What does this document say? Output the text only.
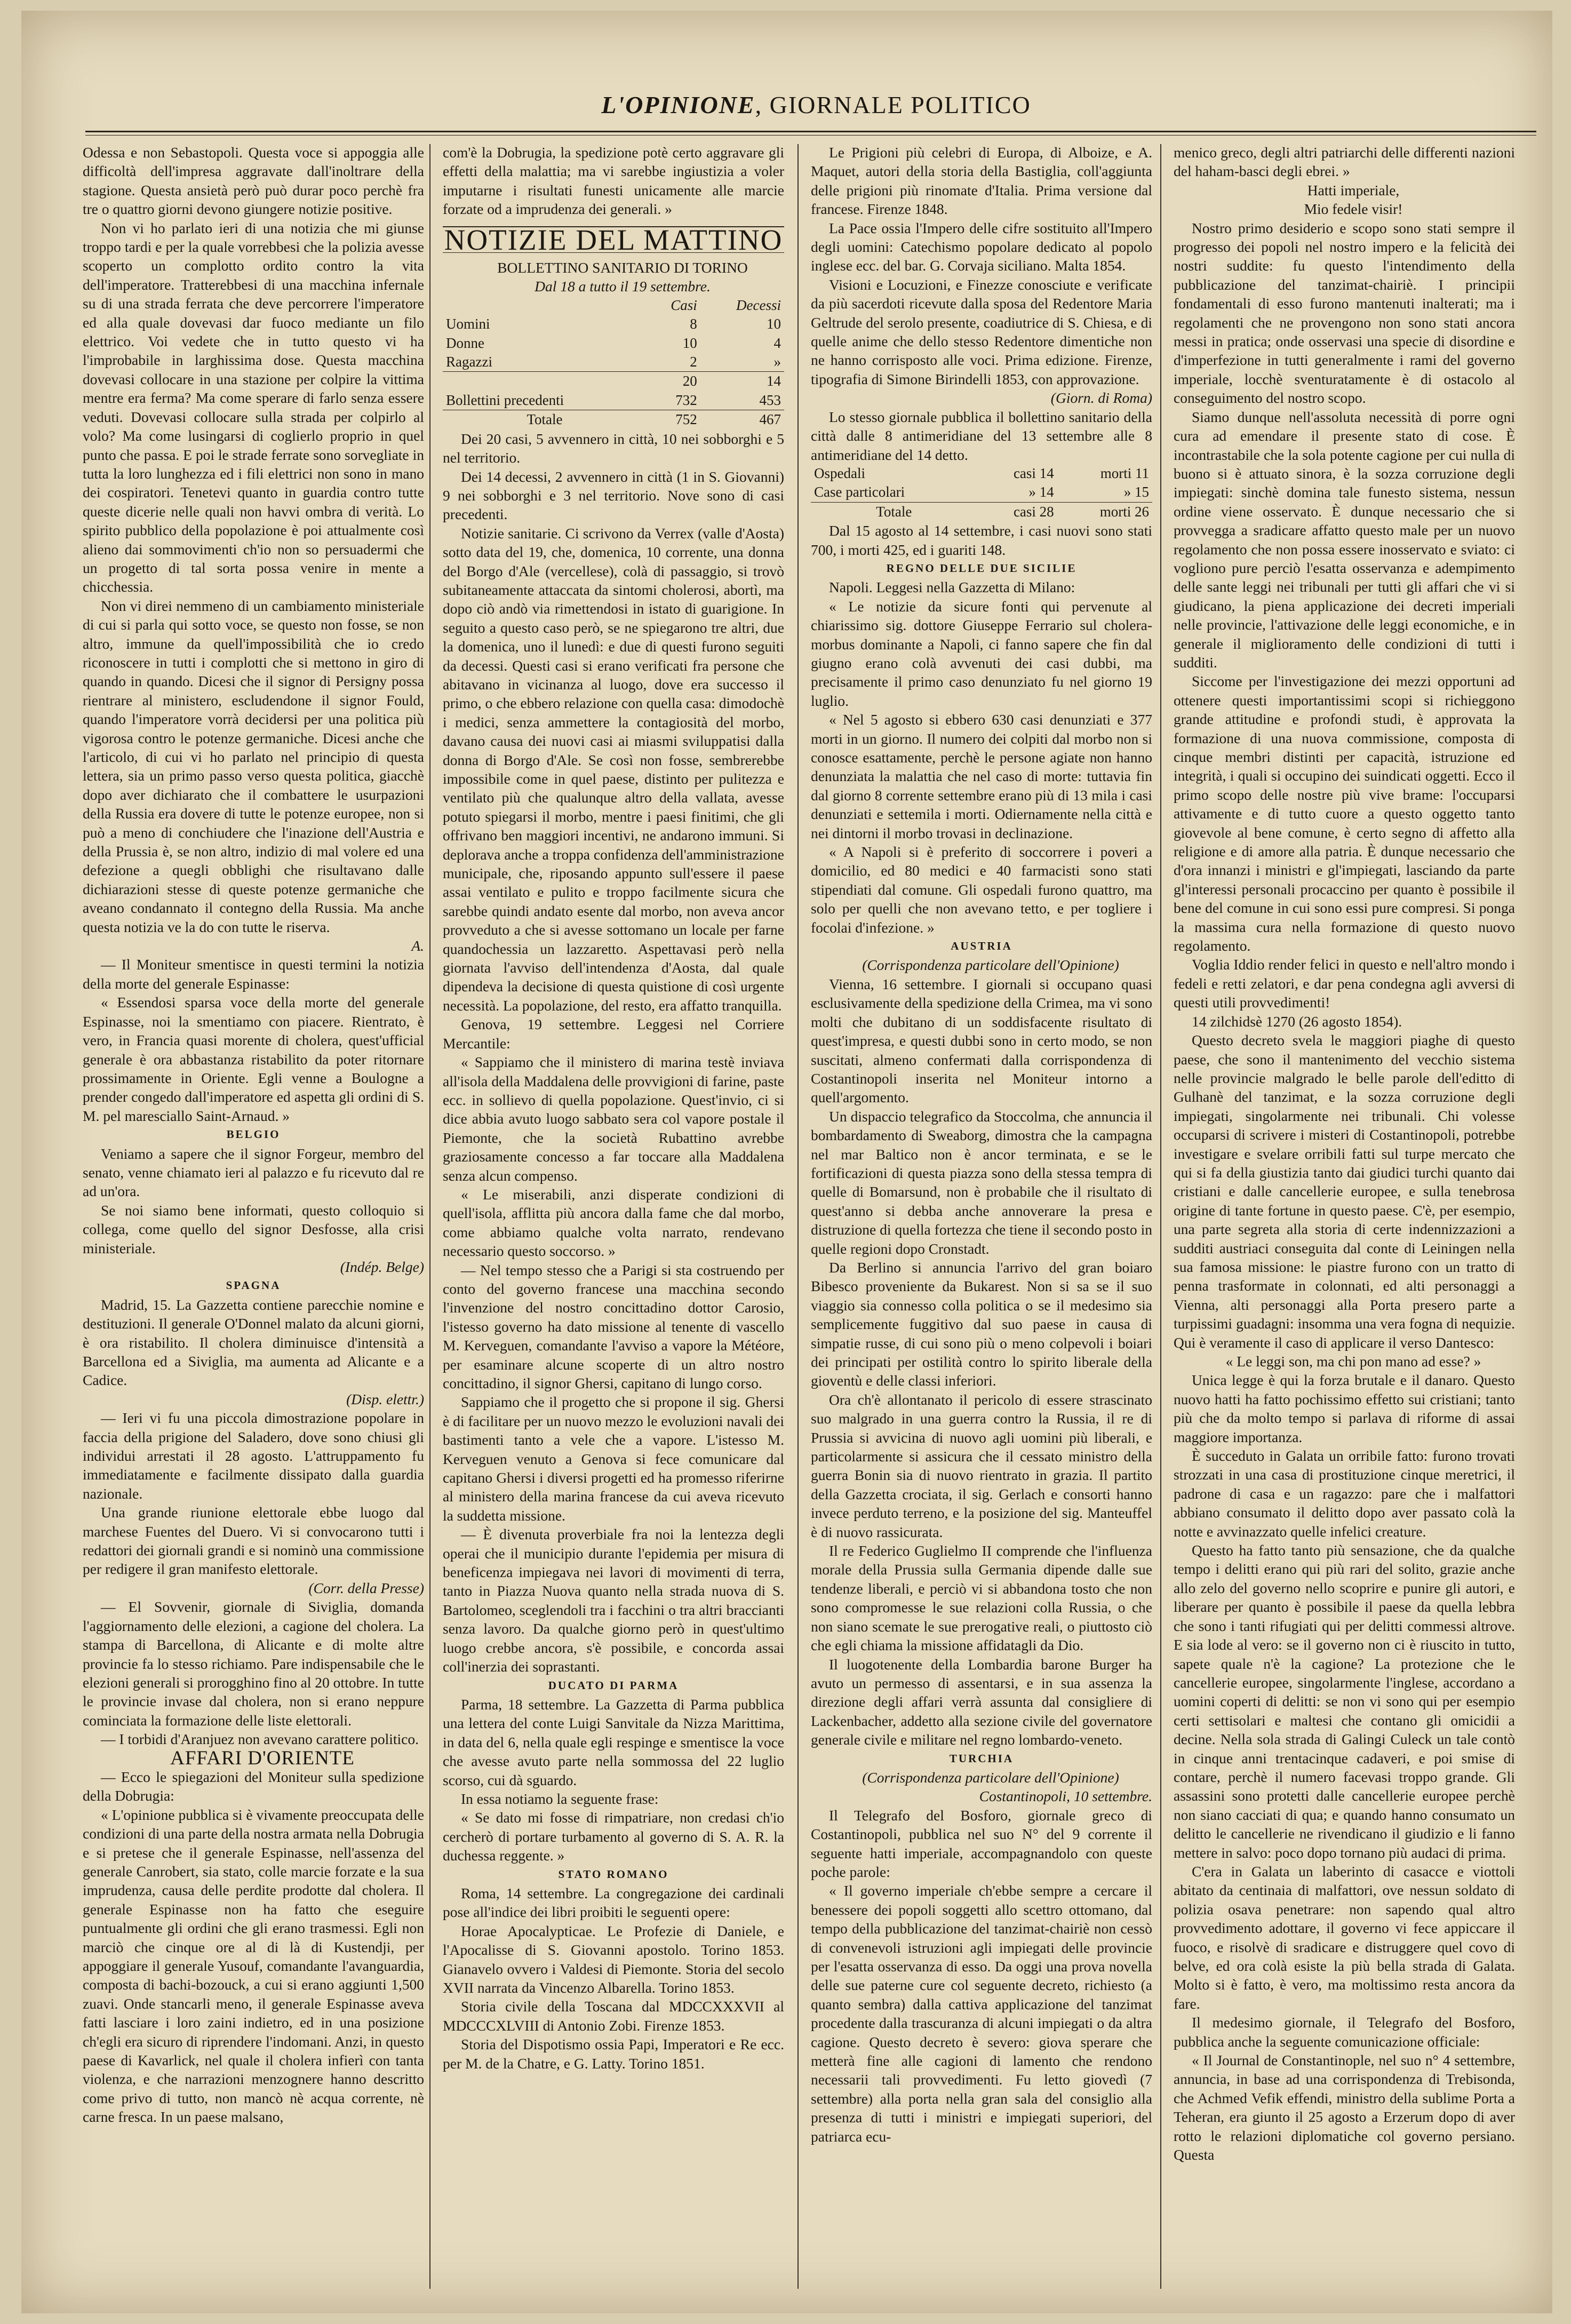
L'OPINIONE, GIORNALE POLITICO

Odessa e non Sebastopoli. Questa voce si appoggia alle difficoltà dell'impresa aggravate dall'inoltrare della stagione. Questa ansietà però può durar poco perchè fra tre o quattro giorni devono giungere notizie positive.

Non vi ho parlato ieri di una notizia che mi giunse troppo tardi e per la quale vorrebbesi che la polizia avesse scoperto un complotto ordito contro la vita dell'imperatore. Tratterebbesi di una macchina infernale su di una strada ferrata che deve percorrere l'imperatore ed alla quale dovevasi dar fuoco mediante un filo elettrico. Voi vedete che in tutto questo vi ha l'improbabile in larghissima dose. Questa macchina dovevasi collocare in una stazione per colpire la vittima mentre era ferma? Ma come sperare di farlo senza essere veduti. Dovevasi collocare sulla strada per colpirlo al volo? Ma come lusingarsi di coglierlo proprio in quel punto che passa. E poi le strade ferrate sono sorvegliate in tutta la loro lunghezza ed i fili elettrici non sono in mano dei cospiratori. Tenetevi quanto in guardia contro tutte queste dicerie nelle quali non havvi ombra di verità. Lo spirito pubblico della popolazione è poi attualmente così alieno dai sommovimenti ch'io non so persuadermi che un progetto di tal sorta possa venire in mente a chicchessia.

Non vi direi nemmeno di un cambiamento ministeriale di cui si parla qui sotto voce, se questo non fosse, se non altro, immune da quell'impossibilità che io credo riconoscere in tutti i complotti che si mettono in giro di quando in quando. Dicesi che il signor di Persigny possa rientrare al ministero, escludendone il signor Fould, quando l'imperatore vorrà decidersi per una politica più vigorosa contro le potenze germaniche. Dicesi anche che l'articolo, di cui vi ho parlato nel principio di questa lettera, sia un primo passo verso questa politica, giacchè dopo aver dichiarato che il combattere le usurpazioni della Russia era dovere di tutte le potenze europee, non si può a meno di conchiudere che l'inazione dell'Austria e della Prussia è, se non altro, indizio di mal volere ed una defezione a quegli obblighi che risultavano dalle dichiarazioni stesse di queste potenze germaniche che aveano condannato il contegno della Russia. Ma anche questa notizia ve la do con tutte le riserva.

A.

— Il Moniteur smentisce in questi termini la notizia della morte del generale Espinasse:

« Essendosi sparsa voce della morte del generale Espinasse, noi la smentiamo con piacere. Rientrato, è vero, in Francia quasi morente di cholera, quest'ufficial generale è ora abbastanza ristabilito da poter ritornare prossimamente in Oriente. Egli venne a Boulogne a prender congedo dall'imperatore ed aspetta gli ordini di S. M. pel maresciallo Saint-Arnaud. »

BELGIO

Veniamo a sapere che il signor Forgeur, membro del senato, venne chiamato ieri al palazzo e fu ricevuto dal re ad un'ora.

Se noi siamo bene informati, questo colloquio si collega, come quello del signor Desfosse, alla crisi ministeriale.

(Indép. Belge)

SPAGNA

Madrid, 15. La Gazzetta contiene parecchie nomine e destituzioni. Il generale O'Donnel malato da alcuni giorni, è ora ristabilito. Il cholera diminuisce d'intensità a Barcellona ed a Siviglia, ma aumenta ad Alicante e a Cadice.

(Disp. elettr.)

— Ieri vi fu una piccola dimostrazione popolare in faccia della prigione del Saladero, dove sono chiusi gli individui arrestati il 28 agosto. L'attruppamento fu immediatamente e facilmente dissipato dalla guardia nazionale.

Una grande riunione elettorale ebbe luogo dal marchese Fuentes del Duero. Vi si convocarono tutti i redattori dei giornali grandi e si nominò una commissione per redigere il gran manifesto elettorale.

(Corr. della Presse)

— El Sovvenir, giornale di Siviglia, domanda l'aggiornamento delle elezioni, a cagione del cholera. La stampa di Barcellona, di Alicante e di molte altre provincie fa lo stesso richiamo. Pare indispensabile che le elezioni generali si prorogghino fino al 20 ottobre. In tutte le provincie invase dal cholera, non si erano neppure cominciata la formazione delle liste elettorali.

— I torbidi d'Aranjuez non avevano carattere politico.

AFFARI D'ORIENTE

— Ecco le spiegazioni del Moniteur sulla spedizione della Dobrugia:

« L'opinione pubblica si è vivamente preoccupata delle condizioni di una parte della nostra armata nella Dobrugia e si pretese che il generale Espinasse, nell'assenza del generale Canrobert, sia stato, colle marcie forzate e la sua imprudenza, causa delle perdite prodotte dal cholera. Il generale Espinasse non ha fatto che eseguire puntualmente gli ordini che gli erano trasmessi. Egli non marciò che cinque ore al di là di Kustendji, per appoggiare il generale Yusouf, comandante l'avanguardia, composta di bachi-bozouck, a cui si erano aggiunti 1,500 zuavi. Onde stancarli meno, il generale Espinasse aveva fatti lasciare i loro zaini indietro, ed in una posizione ch'egli era sicuro di riprendere l'indomani. Anzi, in questo paese di Kavarlick, nel quale il cholera infierì con tanta violenza, e che narrazioni menzognere hanno descritto come privo di tutto, non mancò nè acqua corrente, nè carne fresca. In un paese malsano,

com'è la Dobrugia, la spedizione potè certo aggravare gli effetti della malattia; ma vi sarebbe ingiustizia a voler imputarne i risultati funesti unicamente alle marcie forzate od a imprudenza dei generali. »

NOTIZIE DEL MATTINO

BOLLETTINO SANITARIO DI TORINO

Dal 18 a tutto il 19 settembre.

	Casi	Decessi
Uomini	8	10
Donne	10	4
Ragazzi	2	»
	20	14
Bollettini precedenti	732	453
Totale	752	467

Dei 20 casi, 5 avvennero in città, 10 nei sobborghi e 5 nel territorio.

Dei 14 decessi, 2 avvennero in città (1 in S. Giovanni) 9 nei sobborghi e 3 nel territorio. Nove sono di casi precedenti.

Notizie sanitarie. Ci scrivono da Verrex (valle d'Aosta) sotto data del 19, che, domenica, 10 corrente, una donna del Borgo d'Ale (vercellese), colà di passaggio, si trovò subitaneamente attaccata da sintomi cholerosi, abortì, ma dopo ciò andò via rimettendosi in istato di guarigione. In seguito a questo caso però, se ne spiegarono tre altri, due la domenica, uno il lunedì: e due di questi furono seguiti da decessi. Questi casi si erano verificati fra persone che abitavano in vicinanza al luogo, dove era successo il primo, o che ebbero relazione con quella casa: dimodochè i medici, senza ammettere la contagiosità del morbo, davano causa dei nuovi casi ai miasmi sviluppatisi dalla donna di Borgo d'Ale. Se così non fosse, sembrerebbe impossibile come in quel paese, distinto per pulitezza e ventilato più che qualunque altro della vallata, avesse potuto spiegarsi il morbo, mentre i paesi finitimi, che gli offrivano ben maggiori incentivi, ne andarono immuni. Si deplorava anche a troppa confidenza dell'amministrazione municipale, che, riposando appunto sull'essere il paese assai ventilato e pulito e troppo facilmente sicura che sarebbe quindi andato esente dal morbo, non aveva ancor provveduto a che si avesse sottomano un locale per farne quandochessia un lazzaretto. Aspettavasi però nella giornata l'avviso dell'intendenza d'Aosta, dal quale dipendeva la decisione di questa quistione di così urgente necessità. La popolazione, del resto, era affatto tranquilla.

Genova, 19 settembre. Leggesi nel Corriere Mercantile:

« Sappiamo che il ministero di marina testè inviava all'isola della Maddalena delle provvigioni di farine, paste ecc. in sollievo di quella popolazione. Quest'invio, ci si dice abbia avuto luogo sabbato sera col vapore postale il Piemonte, che la società Rubattino avrebbe graziosamente concesso a far toccare alla Maddalena senza alcun compenso.

« Le miserabili, anzi disperate condizioni di quell'isola, afflitta più ancora dalla fame che dal morbo, come abbiamo qualche volta narrato, rendevano necessario questo soccorso. »

— Nel tempo stesso che a Parigi si sta costruendo per conto del governo francese una macchina secondo l'invenzione del nostro concittadino dottor Carosio, l'istesso governo ha dato missione al tenente di vascello M. Kerveguen, comandante l'avviso a vapore la Météore, per esaminare alcune scoperte di un altro nostro concittadino, il signor Ghersi, capitano di lungo corso.

Sappiamo che il progetto che si propone il sig. Ghersi è di facilitare per un nuovo mezzo le evoluzioni navali dei bastimenti tanto a vele che a vapore. L'istesso M. Kerveguen venuto a Genova si fece comunicare dal capitano Ghersi i diversi progetti ed ha promesso riferirne al ministero della marina francese da cui aveva ricevuto la suddetta missione.

— È divenuta proverbiale fra noi la lentezza degli operai che il municipio durante l'epidemia per misura di beneficenza impiegava nei lavori di movimenti di terra, tanto in Piazza Nuova quanto nella strada nuova di S. Bartolomeo, sceglendoli tra i facchini o tra altri braccianti senza lavoro. Da qualche giorno però in quest'ultimo luogo crebbe ancora, s'è possibile, e concorda assai coll'inerzia dei soprastanti.

DUCATO DI PARMA

Parma, 18 settembre. La Gazzetta di Parma pubblica una lettera del conte Luigi Sanvitale da Nizza Marittima, in data del 6, nella quale egli respinge e smentisce la voce che avesse avuto parte nella sommossa del 22 luglio scorso, cui dà sguardo.

In essa notiamo la seguente frase:

« Se dato mi fosse di rimpatriare, non credasi ch'io cercherò di portare turbamento al governo di S. A. R. la duchessa reggente. »

STATO ROMANO

Roma, 14 settembre. La congregazione dei cardinali pose all'indice dei libri proibiti le seguenti opere:

Horae Apocalypticae. Le Profezie di Daniele, e l'Apocalisse di S. Giovanni apostolo. Torino 1853. Gianavelo ovvero i Valdesi di Piemonte. Storia del secolo XVII narrata da Vincenzo Albarella. Torino 1853.

Storia civile della Toscana dal MDCCXXXVII al MDCCCXLVIII di Antonio Zobi. Firenze 1853.

Storia del Dispotismo ossia Papi, Imperatori e Re ecc. per M. de la Chatre, e G. Latty. Torino 1851.

Le Prigioni più celebri di Europa, di Alboize, e A. Maquet, autori della storia della Bastiglia, coll'aggiunta delle prigioni più rinomate d'Italia. Prima versione dal francese. Firenze 1848.

La Pace ossia l'Impero delle cifre sostituito all'Impero degli uomini: Catechismo popolare dedicato al popolo inglese ecc. del bar. G. Corvaja siciliano. Malta 1854.

Visioni e Locuzioni, e Finezze conosciute e verificate da più sacerdoti ricevute dalla sposa del Redentore Maria Geltrude del serolo presente, coadiutrice di S. Chiesa, e di quelle anime che dello stesso Redentore dimentiche non ne hanno corrisposto alle voci. Prima edizione. Firenze, tipografia di Simone Birindelli 1853, con approvazione.

(Giorn. di Roma)

Lo stesso giornale pubblica il bollettino sanitario della città dalle 8 antimeridiane del 13 settembre alle 8 antimeridiane del 14 detto.

Ospedali	casi 14	morti 11
Case particolari	» 14	» 15
Totale	casi 28	morti 26

Dal 15 agosto al 14 settembre, i casi nuovi sono stati 700, i morti 425, ed i guariti 148.

REGNO DELLE DUE SICILIE

Napoli. Leggesi nella Gazzetta di Milano:

« Le notizie da sicure fonti qui pervenute al chiarissimo sig. dottore Giuseppe Ferrario sul cholera-morbus dominante a Napoli, ci fanno sapere che fin dal giugno erano colà avvenuti dei casi dubbi, ma precisamente il primo caso denunziato fu nel giorno 19 luglio.

« Nel 5 agosto si ebbero 630 casi denunziati e 377 morti in un giorno. Il numero dei colpiti dal morbo non si conosce esattamente, perchè le persone agiate non hanno denunziata la malattia che nel caso di morte: tuttavia fin dal giorno 8 corrente settembre erano più di 13 mila i casi denunziati e settemila i morti. Odiernamente nella città e nei dintorni il morbo trovasi in declinazione.

« A Napoli si è preferito di soccorrere i poveri a domicilio, ed 80 medici e 40 farmacisti sono stati stipendiati dal comune. Gli ospedali furono quattro, ma solo per quelli che non avevano tetto, e per togliere i focolai d'infezione. »

AUSTRIA

(Corrispondenza particolare dell'Opinione)

Vienna, 16 settembre. I giornali si occupano quasi esclusivamente della spedizione della Crimea, ma vi sono molti che dubitano di un soddisfacente risultato di quest'impresa, e questi dubbi sono in certo modo, se non suscitati, almeno confermati dalla corrispondenza di Costantinopoli inserita nel Moniteur intorno a quell'argomento.

Un dispaccio telegrafico da Stoccolma, che annuncia il bombardamento di Sweaborg, dimostra che la campagna nel mar Baltico non è ancor terminata, e se le fortificazioni di questa piazza sono della stessa tempra di quelle di Bomarsund, non è probabile che il risultato di quest'anno si debba anche annoverare la presa e distruzione di quella fortezza che tiene il secondo posto in quelle regioni dopo Cronstadt.

Da Berlino si annuncia l'arrivo del gran boiaro Bibesco proveniente da Bukarest. Non si sa se il suo viaggio sia connesso colla politica o se il medesimo sia semplicemente fuggitivo dal suo paese in causa di simpatie russe, di cui sono più o meno colpevoli i boiari dei principati per ostilità contro lo spirito liberale della gioventù e delle classi inferiori.

Ora ch'è allontanato il pericolo di essere strascinato suo malgrado in una guerra contro la Russia, il re di Prussia si avvicina di nuovo agli uomini più liberali, e particolarmente si assicura che il cessato ministro della guerra Bonin sia di nuovo rientrato in grazia. Il partito della Gazzetta crociata, il sig. Gerlach e consorti hanno invece perduto terreno, e la posizione del sig. Manteuffel è di nuovo rassicurata.

Il re Federico Guglielmo II comprende che l'influenza morale della Prussia sulla Germania dipende dalle sue tendenze liberali, e perciò vi si abbandona tosto che non sono compromesse le sue relazioni colla Russia, o che non siano scemate le sue prerogative reali, o piuttosto ciò che egli chiama la missione affidatagli da Dio.

Il luogotenente della Lombardia barone Burger ha avuto un permesso di assentarsi, e in sua assenza la direzione degli affari verrà assunta dal consigliere di Lackenbacher, addetto alla sezione civile del governatore generale civile e militare nel regno lombardo-veneto.

TURCHIA

(Corrispondenza particolare dell'Opinione)

Costantinopoli, 10 settembre.

Il Telegrafo del Bosforo, giornale greco di Costantinopoli, pubblica nel suo N° del 9 corrente il seguente hatti imperiale, accompagnandolo con queste poche parole:

« Il governo imperiale ch'ebbe sempre a cercare il benessere dei popoli soggetti allo scettro ottomano, dal tempo della pubblicazione del tanzimat-chairiè non cessò di convenevoli istruzioni agli impiegati delle provincie per l'esatta osservanza di esso. Da oggi una prova novella delle sue paterne cure col seguente decreto, richiesto (a quanto sembra) dalla cattiva applicazione del tanzimat procedente dalla trascuranza di alcuni impiegati o da altra cagione. Questo decreto è severo: giova sperare che metterà fine alle cagioni di lamento che rendono necessarii tali provvedimenti. Fu letto giovedì (7 settembre) alla porta nella gran sala del consiglio alla presenza di tutti i ministri e impiegati superiori, del patriarca ecu-

menico greco, degli altri patriarchi delle differenti nazioni del haham-basci degli ebrei. »

Hatti imperiale,

Mio fedele visir!

Nostro primo desiderio e scopo sono stati sempre il progresso dei popoli nel nostro impero e la felicità dei nostri suddite: fu questo l'intendimento della pubblicazione del tanzimat-chairiè. I principii fondamentali di esso furono mantenuti inalterati; ma i regolamenti che ne provengono non sono stati ancora messi in pratica; onde osservasi una specie di disordine e d'imperfezione in tutti generalmente i rami del governo imperiale, locchè sventuratamente è di ostacolo al conseguimento del nostro scopo.

Siamo dunque nell'assoluta necessità di porre ogni cura ad emendare il presente stato di cose. È incontrastabile che la sola potente cagione per cui nulla di buono si è attuato sinora, è la sozza corruzione degli impiegati: sinchè domina tale funesto sistema, nessun ordine viene osservato. È dunque necessario che si provvegga a sradicare affatto questo male per un nuovo regolamento che non possa essere inosservato e sviato: ci vogliono pure perciò l'esatta osservanza e adempimento delle sante leggi nei tribunali per tutti gli affari che vi si giudicano, la piena applicazione dei decreti imperiali nelle provincie, l'attivazione delle leggi economiche, e in generale il miglioramento delle condizioni di tutti i sudditi.

Siccome per l'investigazione dei mezzi opportuni ad ottenere questi importantissimi scopi si richieggono grande attitudine e profondi studi, è approvata la formazione di una nuova commissione, composta di cinque membri distinti per capacità, istruzione ed integrità, i quali si occupino dei suindicati oggetti. Ecco il primo scopo delle nostre più vive brame: l'occuparsi attivamente e di tutto cuore a questo oggetto tanto giovevole al bene comune, è certo segno di affetto alla religione e di amore alla patria. È dunque necessario che d'ora innanzi i ministri e gl'impiegati, lasciando da parte gl'interessi personali procaccino per quanto è possibile il bene del comune in cui sono essi pure compresi. Si ponga la massima cura nella formazione di questo nuovo regolamento.

Voglia Iddio render felici in questo e nell'altro mondo i fedeli e retti zelatori, e dar pena condegna agli avversi di questi utili provvedimenti!

14 zilchidsè 1270 (26 agosto 1854).

Questo decreto svela le maggiori piaghe di questo paese, che sono il mantenimento del vecchio sistema nelle provincie malgrado le belle parole dell'editto di Gulhanè del tanzimat, e la sozza corruzione degli impiegati, singolarmente nei tribunali. Chi volesse occuparsi di scrivere i misteri di Costantinopoli, potrebbe investigare e svelare orribili fatti sul turpe mercato che qui si fa della giustizia tanto dai giudici turchi quanto dai cristiani e dalle cancellerie europee, e sulla tenebrosa origine di tante fortune in questo paese. C'è, per esempio, una parte segreta alla storia di certe indennizzazioni a sudditi austriaci conseguita dal conte di Leiningen nella sua famosa missione: le piastre furono con un tratto di penna trasformate in colonnati, ed alti personaggi a Vienna, alti personaggi alla Porta presero parte a turpissimi guadagni: insomma una vera fogna di nequizie. Qui è veramente il caso di applicare il verso Dantesco:

« Le leggi son, ma chi pon mano ad esse? »

Unica legge è qui la forza brutale e il danaro. Questo nuovo hatti ha fatto pochissimo effetto sui cristiani; tanto più che da molto tempo si parlava di riforme di assai maggiore importanza.

È succeduto in Galata un orribile fatto: furono trovati strozzati in una casa di prostituzione cinque meretrici, il padrone di casa e un ragazzo: pare che i malfattori abbiano consumato il delitto dopo aver passato colà la notte e avvinazzato quelle infelici creature.

Questo ha fatto tanto più sensazione, che da qualche tempo i delitti erano qui più rari del solito, grazie anche allo zelo del governo nello scoprire e punire gli autori, e liberare per quanto è possibile il paese da quella lebbra che sono i tanti rifugiati qui per delitti commessi altrove. E sia lode al vero: se il governo non ci è riuscito in tutto, sapete quale n'è la cagione? La protezione che le cancellerie europee, singolarmente l'inglese, accordano a uomini coperti di delitti: se non vi sono qui per esempio certi settisolari e maltesi che contano gli omicidii a decine. Nella sola strada di Galingi Culeck un tale contò in cinque anni trentacinque cadaveri, e poi smise di contare, perchè il numero facevasi troppo grande. Gli assassini sono protetti dalle cancellerie europee perchè non siano cacciati di qua; e quando hanno consumato un delitto le cancellerie ne rivendicano il giudizio e li fanno mettere in salvo: poco dopo tornano più audaci di prima.

C'era in Galata un laberinto di casacce e viottoli abitato da centinaia di malfattori, ove nessun soldato di polizia osava penetrare: non sapendo qual altro provvedimento adottare, il governo vi fece appiccare il fuoco, e risolvè di sradicare e distruggere quel covo di belve, ed ora colà esiste la più bella strada di Galata. Molto si è fatto, è vero, ma moltissimo resta ancora da fare.

Il medesimo giornale, il Telegrafo del Bosforo, pubblica anche la seguente comunicazione officiale:

« Il Journal de Constantinople, nel suo n° 4 settembre, annuncia, in base ad una corrispondenza di Trebisonda, che Achmed Vefik effendi, ministro della sublime Porta a Teheran, era giunto il 25 agosto a Erzerum dopo di aver rotto le relazioni diplomatiche col governo persiano. Questa
